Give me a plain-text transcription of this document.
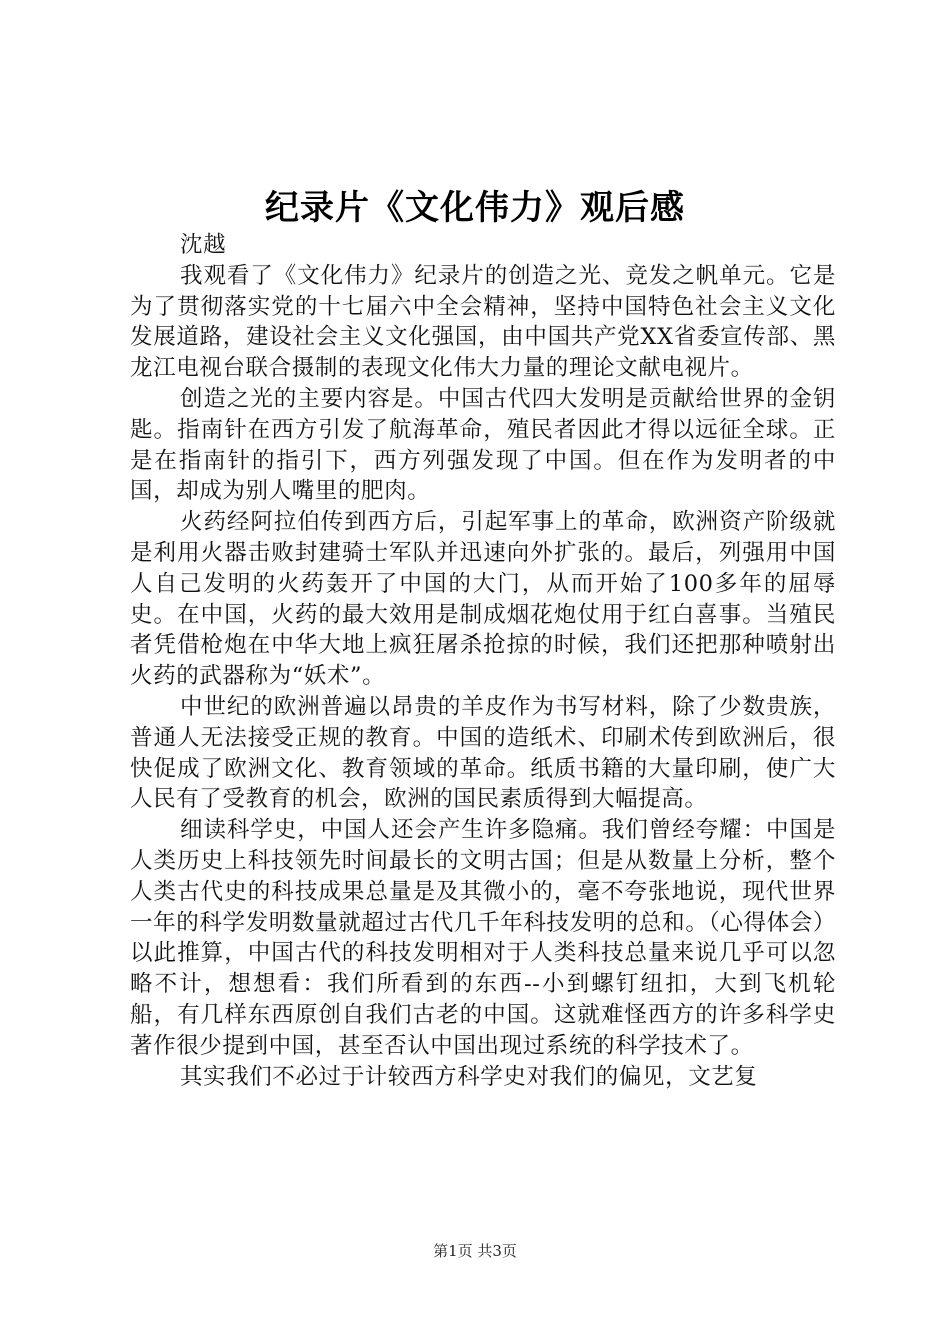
纪录片《文化伟力》观后感

沈越

我观看了《文化伟力》纪录片的创造之光、竞发之帆单元。它是为了贯彻落实党的十七届六中全会精神，坚持中国特色社会主义文化发展道路，建设社会主义文化强国，由中国共产党XX省委宣传部、黑龙江电视台联合摄制的表现文化伟大力量的理论文献电视片。

创造之光的主要内容是。中国古代四大发明是贡献给世界的金钥匙。指南针在西方引发了航海革命，殖民者因此才得以远征全球。正是在指南针的指引下，西方列强发现了中国。但在作为发明者的中国，却成为别人嘴里的肥肉。

火药经阿拉伯传到西方后，引起军事上的革命，欧洲资产阶级就是利用火器击败封建骑士军队并迅速向外扩张的。最后，列强用中国人自己发明的火药轰开了中国的大门，从而开始了100多年的屈辱史。在中国，火药的最大效用是制成烟花炮仗用于红白喜事。当殖民者凭借枪炮在中华大地上疯狂屠杀抢掠的时候，我们还把那种喷射出火药的武器称为“妖术”。

中世纪的欧洲普遍以昂贵的羊皮作为书写材料，除了少数贵族，普通人无法接受正规的教育。中国的造纸术、印刷术传到欧洲后，很快促成了欧洲文化、教育领域的革命。纸质书籍的大量印刷，使广大人民有了受教育的机会，欧洲的国民素质得到大幅提高。

细读科学史，中国人还会产生许多隐痛。我们曾经夸耀：中国是人类历史上科技领先时间最长的文明古国；但是从数量上分析，整个人类古代史的科技成果总量是及其微小的，毫不夸张地说，现代世界一年的科学发明数量就超过古代几千年科技发明的总和。（心得体会）以此推算，中国古代的科技发明相对于人类科技总量来说几乎可以忽略不计，想想看：我们所看到的东西--小到螺钉纽扣，大到飞机轮船，有几样东西原创自我们古老的中国。这就难怪西方的许多科学史著作很少提到中国，甚至否认中国出现过系统的科学技术了。

其实我们不必过于计较西方科学史对我们的偏见，文艺复

第1页 共3页
